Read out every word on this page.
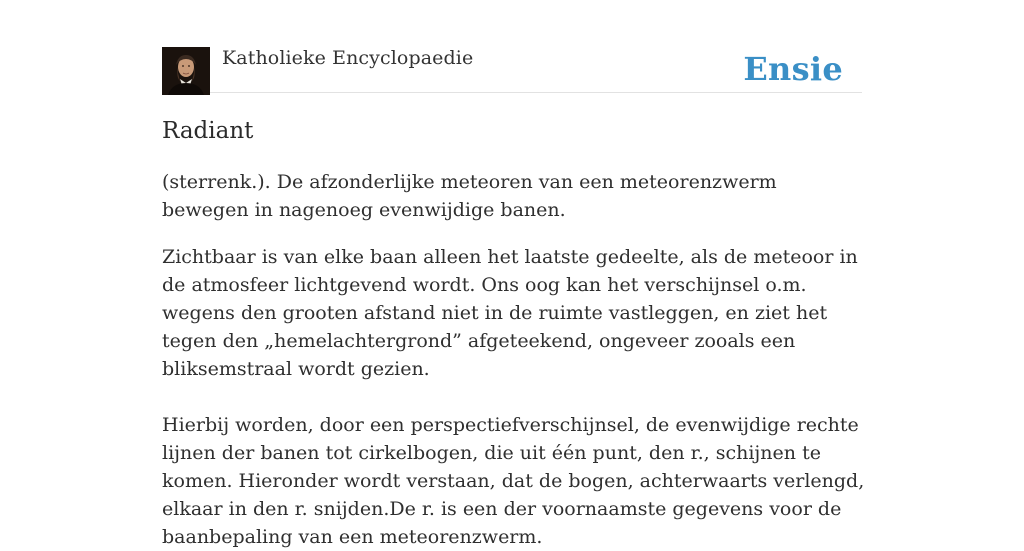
Katholieke Encyclopaedie	Ensie
Radiant

(sterrenk.). De afzonderlijke meteoren van een meteorenzwerm bewegen in nagenoeg evenwijdige banen.

Zichtbaar is van elke baan alleen het laatste gedeelte, als de meteoor in de atmosfeer lichtgevend wordt. Ons oog kan het verschijnsel o.m. wegens den grooten afstand niet in de ruimte vastleggen, en ziet het tegen den „hemelachtergrond” afgeteekend, ongeveer zooals een bliksemstraal wordt gezien.

Hierbij worden, door een perspectiefverschijnsel, de evenwijdige rechte lijnen der banen tot cirkelbogen, die uit één punt, den r., schijnen te komen. Hieronder wordt verstaan, dat de bogen, achterwaarts verlengd, elkaar in den r. snijden.De r. is een der voornaamste gegevens voor de baanbepaling van een meteorenzwerm.
